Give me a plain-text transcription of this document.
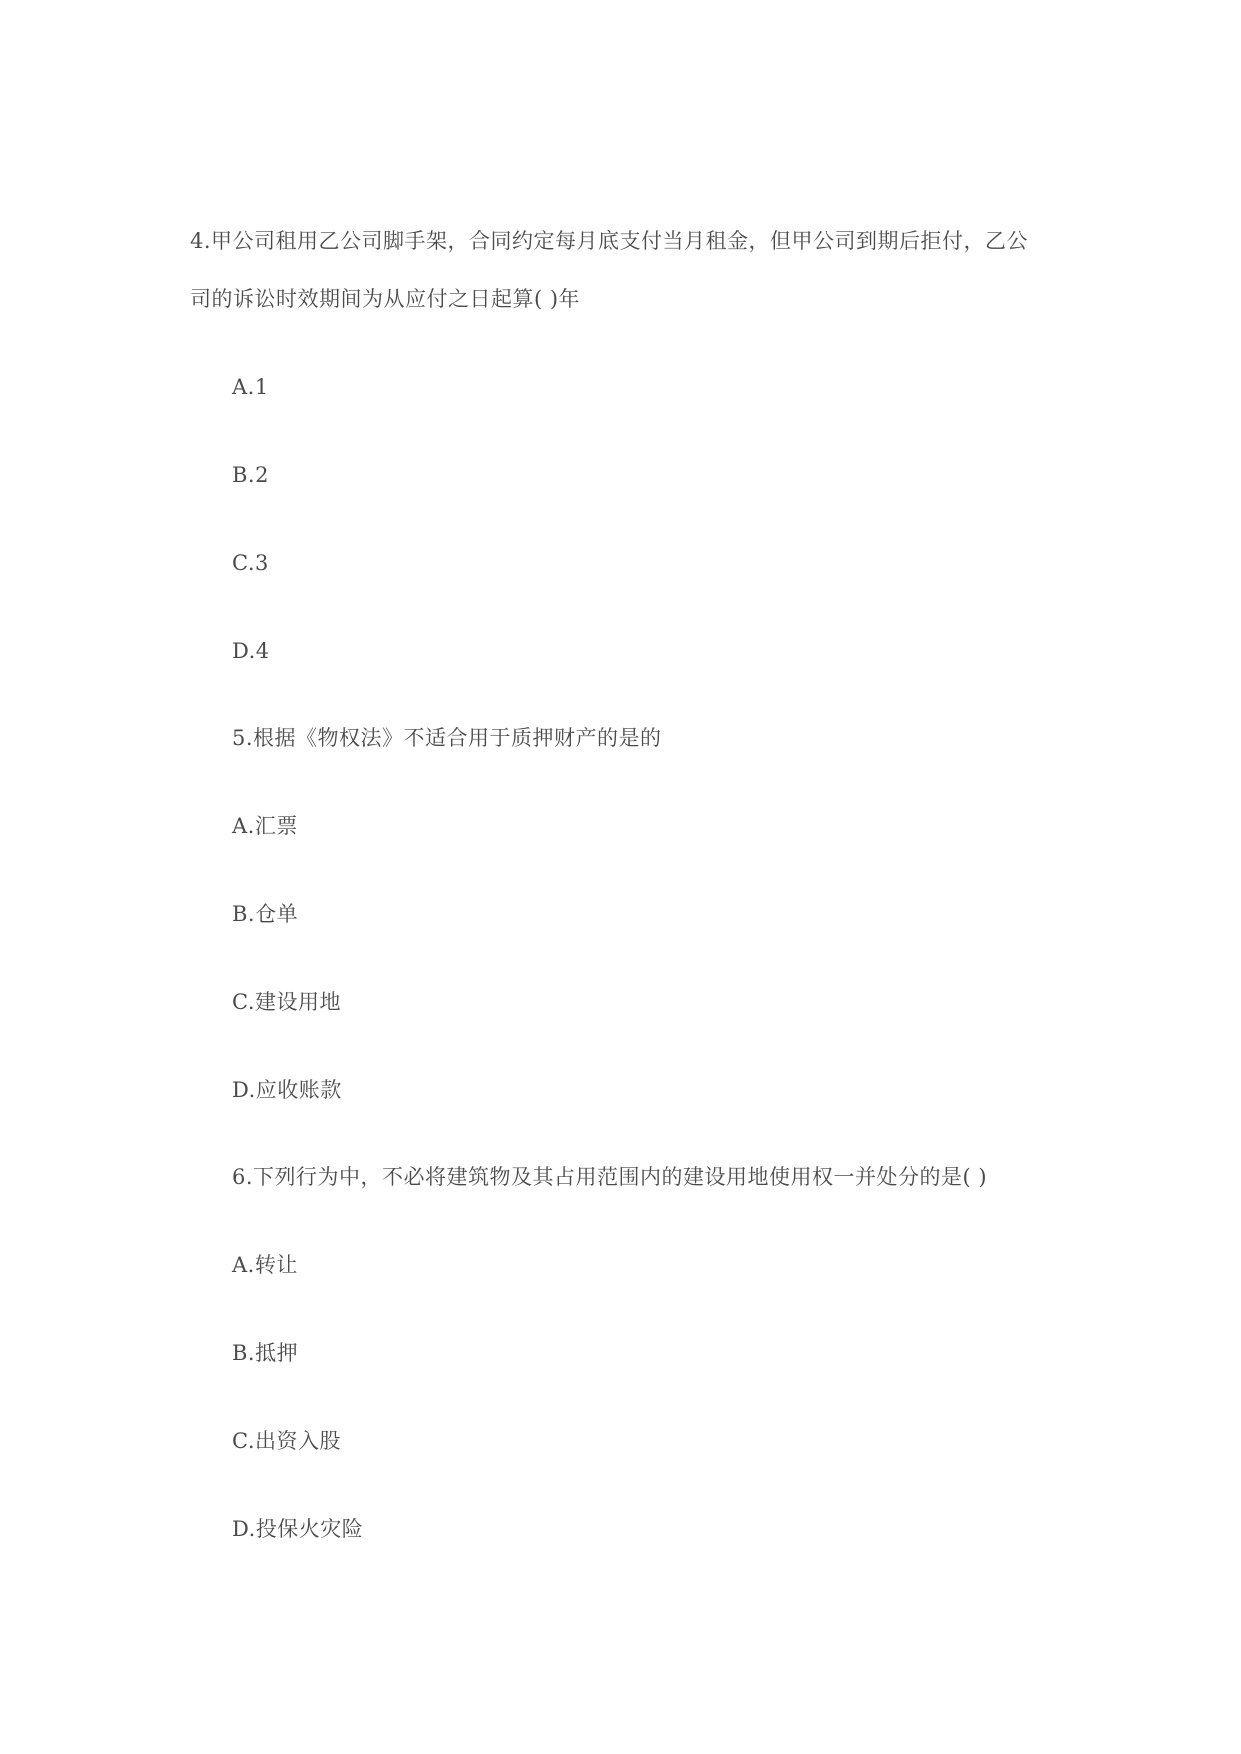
4.甲公司租用乙公司脚手架，合同约定每月底支付当月租金，但甲公司到期后拒付，乙公
司的诉讼时效期间为从应付之日起算( )年
A.1
B.2
C.3
D.4
5.根据《物权法》不适合用于质押财产的是的
A.汇票
B.仓单
C.建设用地
D.应收账款
6.下列行为中，不必将建筑物及其占用范围内的建设用地使用权一并处分的是( )
A.转让
B.抵押
C.出资入股
D.投保火灾险
